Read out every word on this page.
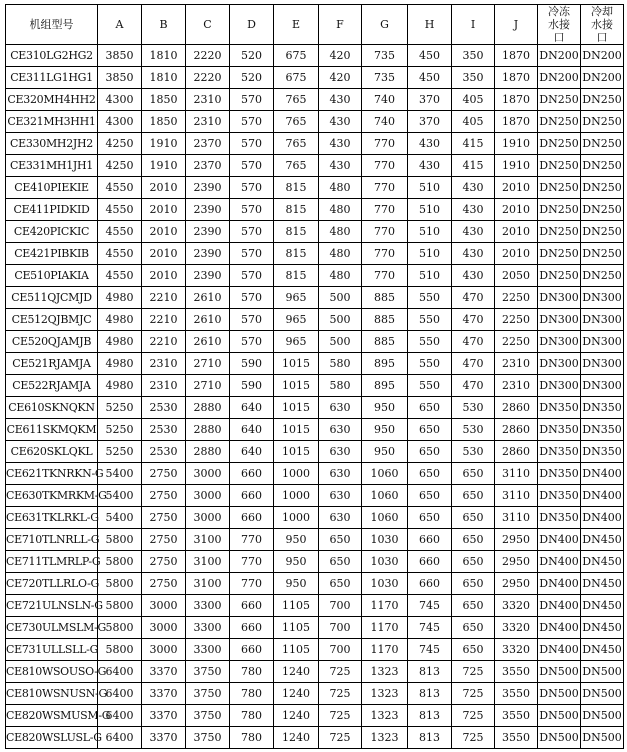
机组型号	A	B	C	D	E	F	G	H	I	J	冷冻水接口	冷却水接口
CE310LG2HG2	3850	1810	2220	520	675	420	735	450	350	1870	DN200	DN200
CE311LG1HG1	3850	1810	2220	520	675	420	735	450	350	1870	DN200	DN200
CE320MH4HH2	4300	1850	2310	570	765	430	740	370	405	1870	DN250	DN250
CE321MH3HH1	4300	1850	2310	570	765	430	740	370	405	1870	DN250	DN250
CE330MH2JH2	4250	1910	2370	570	765	430	770	430	415	1910	DN250	DN250
CE331MH1JH1	4250	1910	2370	570	765	430	770	430	415	1910	DN250	DN250
CE410PIEKIE	4550	2010	2390	570	815	480	770	510	430	2010	DN250	DN250
CE411PIDKID	4550	2010	2390	570	815	480	770	510	430	2010	DN250	DN250
CE420PICKIC	4550	2010	2390	570	815	480	770	510	430	2010	DN250	DN250
CE421PIBKIB	4550	2010	2390	570	815	480	770	510	430	2010	DN250	DN250
CE510PIAKIA	4550	2010	2390	570	815	480	770	510	430	2050	DN250	DN250
CE511QJCMJD	4980	2210	2610	570	965	500	885	550	470	2250	DN300	DN300
CE512QJBMJC	4980	2210	2610	570	965	500	885	550	470	2250	DN300	DN300
CE520QJAMJB	4980	2210	2610	570	965	500	885	550	470	2250	DN300	DN300
CE521RJAMJA	4980	2310	2710	590	1015	580	895	550	470	2310	DN300	DN300
CE522RJAMJA	4980	2310	2710	590	1015	580	895	550	470	2310	DN300	DN300
CE610SKNQKN	5250	2530	2880	640	1015	630	950	650	530	2860	DN350	DN350
CE611SKMQKM	5250	2530	2880	640	1015	630	950	650	530	2860	DN350	DN350
CE620SKLQKL	5250	2530	2880	640	1015	630	950	650	530	2860	DN350	DN350
CE621TKNRKN-G	5400	2750	3000	660	1000	630	1060	650	650	3110	DN350	DN400
CE630TKMRKM-G	5400	2750	3000	660	1000	630	1060	650	650	3110	DN350	DN400
CE631TKLRKL-G	5400	2750	3000	660	1000	630	1060	650	650	3110	DN350	DN400
CE710TLNRLL-G	5800	2750	3100	770	950	650	1030	660	650	2950	DN400	DN450
CE711TLMRLP-G	5800	2750	3100	770	950	650	1030	660	650	2950	DN400	DN450
CE720TLLRLO-G	5800	2750	3100	770	950	650	1030	660	650	2950	DN400	DN450
CE721ULNSLN-G	5800	3000	3300	660	1105	700	1170	745	650	3320	DN400	DN450
CE730ULMSLM-G	5800	3000	3300	660	1105	700	1170	745	650	3320	DN400	DN450
CE731ULLSLL-G	5800	3000	3300	660	1105	700	1170	745	650	3320	DN400	DN450
CE810WSOUSO-G	6400	3370	3750	780	1240	725	1323	813	725	3550	DN500	DN500
CE810WSNUSN-G	6400	3370	3750	780	1240	725	1323	813	725	3550	DN500	DN500
CE820WSMUSM-G	6400	3370	3750	780	1240	725	1323	813	725	3550	DN500	DN500
CE820WSLUSL-G	6400	3370	3750	780	1240	725	1323	813	725	3550	DN500	DN500
